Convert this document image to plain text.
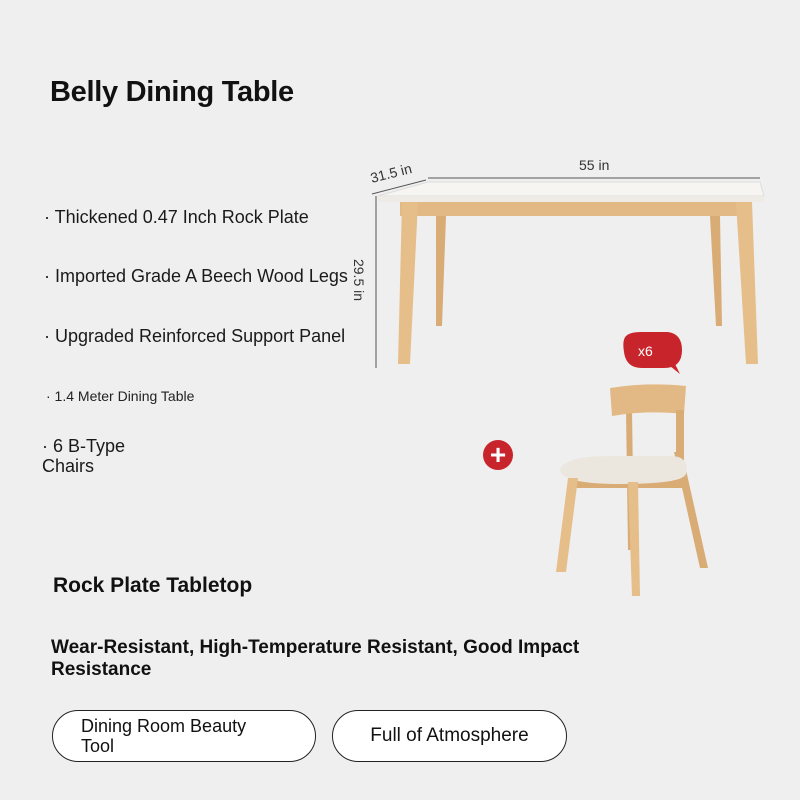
Belly Dining Table
· Thickened 0.47 Inch Rock Plate
· Imported Grade A Beech Wood Legs
· Upgraded Reinforced Support Panel
· 1.4 Meter Dining Table
· 6 B-Type Chairs
31.5 in	55 in
29.5 in
+
x6
Rock Plate Tabletop
Wear-Resistant, High-Temperature Resistant, Good Impact Resistance
Dining Room Beauty Tool	Full of Atmosphere
